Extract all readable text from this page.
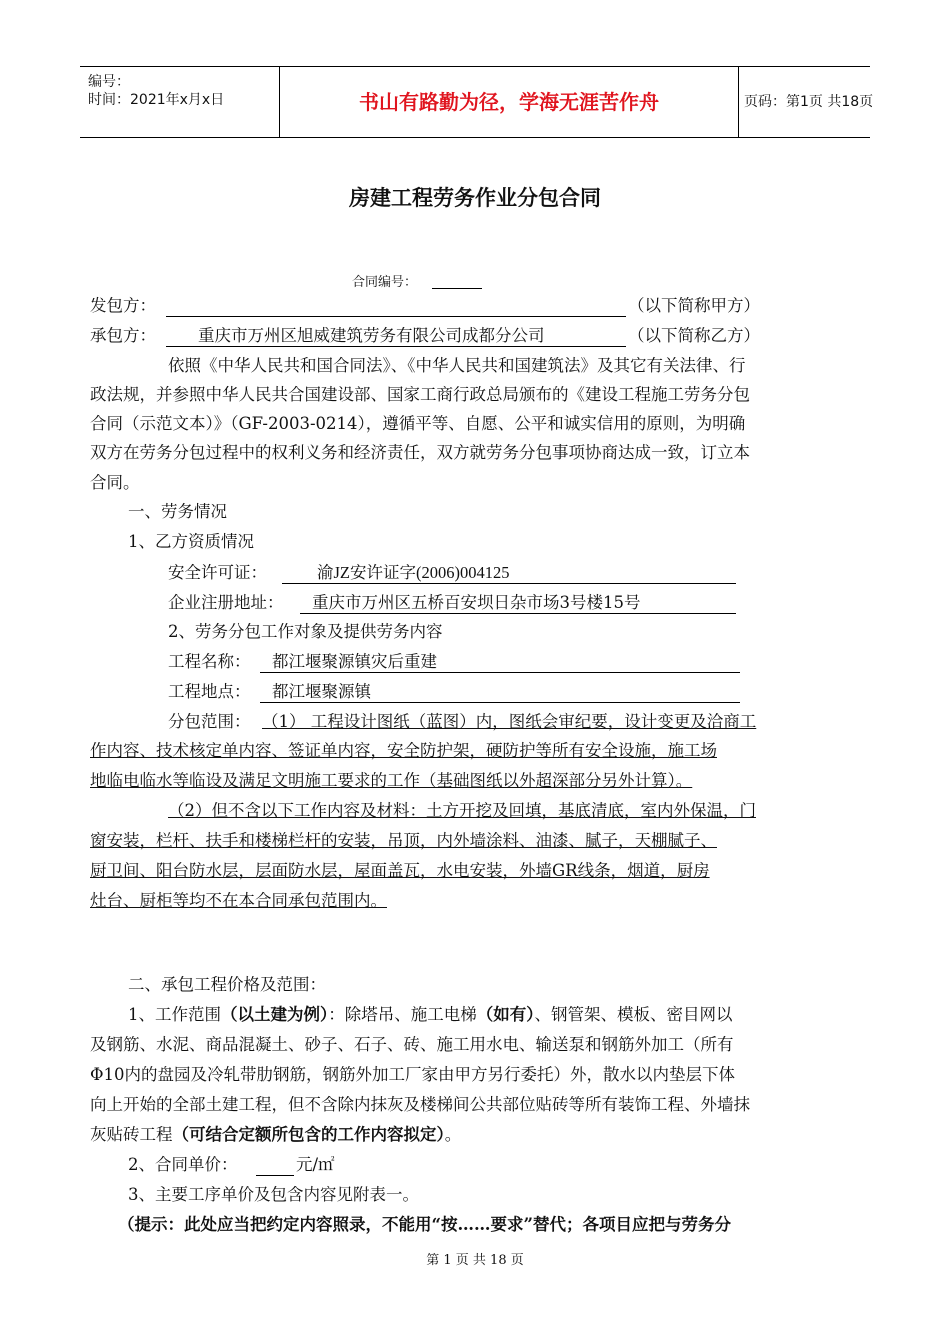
编号：
时间：2021年x月x日	书山有路勤为径，学海无涯苦作舟	页码：第1页 共18页
房建工程劳务作业分包合同
合同编号：
发包方：	（以下简称甲方）
承包方：	重庆市万州区旭威建筑劳务有限公司成都分公司	（以下简称乙方）
依照《中华人民共和国合同法》、《中华人民共和国建筑法》及其它有关法律、行
政法规，并参照中华人民共合国建设部、国家工商行政总局颁布的《建设工程施工劳务分包
合同（示范文本）》（GF-2003-0214），遵循平等、自愿、公平和诚实信用的原则，为明确
双方在劳务分包过程中的权利义务和经济责任，双方就劳务分包事项协商达成一致，订立本
合同。
一、劳务情况
1、乙方资质情况
安全许可证：	渝JZ安许证字(2006)004125
企业注册地址： 重庆市万州区五桥百安坝日杂市场3号楼15号
2、劳务分包工作对象及提供劳务内容
工程名称： 都江堰聚源镇灾后重建
工程地点： 都江堰聚源镇
分包范围： （1） 工程设计图纸（蓝图）内，图纸会审纪要，设计变更及洽商工
作内容、技术核定单内容、签证单内容，安全防护架，硬防护等所有安全设施，施工场
地临电临水等临设及满足文明施工要求的工作（基础图纸以外超深部分另外计算）。
（2）但不含以下工作内容及材料：土方开挖及回填，基底清底，室内外保温，门
窗安装，栏杆、扶手和楼梯栏杆的安装，吊顶，内外墙涂料、油漆、腻子，天棚腻子、
厨卫间、阳台防水层，层面防水层，屋面盖瓦，水电安装，外墙GR线条，烟道，厨房
灶台、厨柜等均不在本合同承包范围内。
二、承包工程价格及范围：
1、工作范围（以土建为例）：除塔吊、施工电梯（如有）、钢管架、模板、密目网以
及钢筋、水泥、商品混凝土、砂子、石子、砖、施工用水电、输送泵和钢筋外加工（所有
Φ10内的盘园及冷轧带肋钢筋，钢筋外加工厂家由甲方另行委托）外，散水以内垫层下体
向上开始的全部土建工程，但不含除内抹灰及楼梯间公共部位贴砖等所有装饰工程、外墙抹
灰贴砖工程（可结合定额所包含的工作内容拟定）。
2、合同单价：	元/㎡
3、主要工序单价及包含内容见附表一。
（提示：此处应当把约定内容照录，不能用“按……要求”替代；各项目应把与劳务分
第 1 页 共 18 页
